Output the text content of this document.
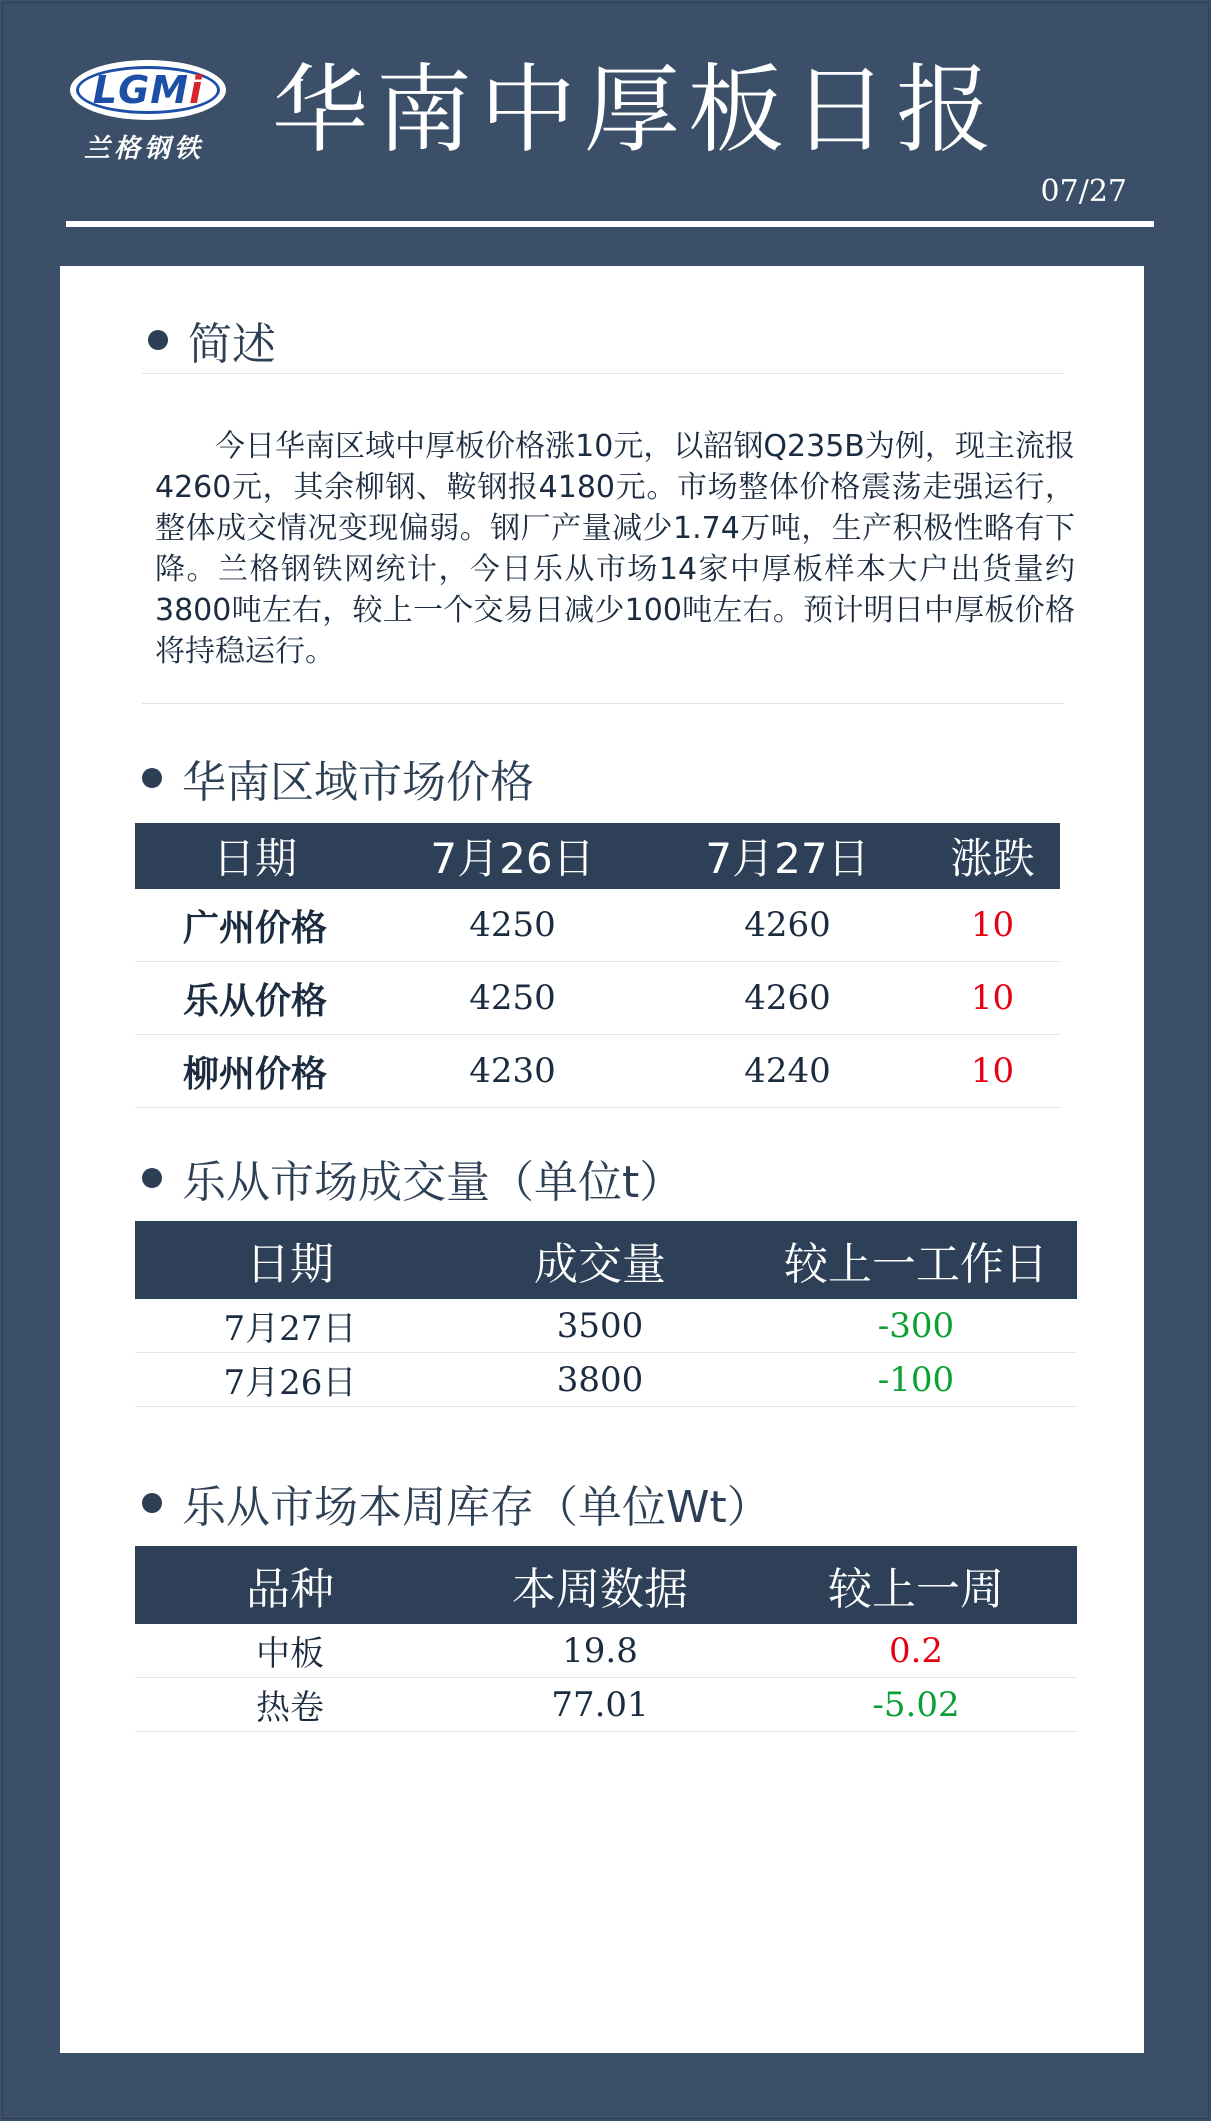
LGMi
兰格钢铁 华南中厚板日报
07/27
简述
今日华南区域中厚板价格涨10元，以韶钢Q235B为例，现主流报4260元，其余柳钢、鞍钢报4180元。市场整体价格震荡走强运行，整体成交情况变现偏弱。钢厂产量减少1.74万吨，生产积极性略有下降。兰格钢铁网统计，今日乐从市场14家中厚板样本大户出货量约3800吨左右，较上一个交易日减少100吨左右。预计明日中厚板价格将持稳运行。
华南区域市场价格
日期	7月26日	7月27日	涨跌
广州价格	4250	4260	10
乐从价格	4250	4260	10
柳州价格	4230	4240	10
乐从市场成交量（单位t）
日期	成交量	较上一工作日
7月27日	3500	-300
7月26日	3800	-100
乐从市场本周库存（单位Wt）
品种	本周数据	较上一周
中板	19.8	0.2
热卷	77.01	-5.02
